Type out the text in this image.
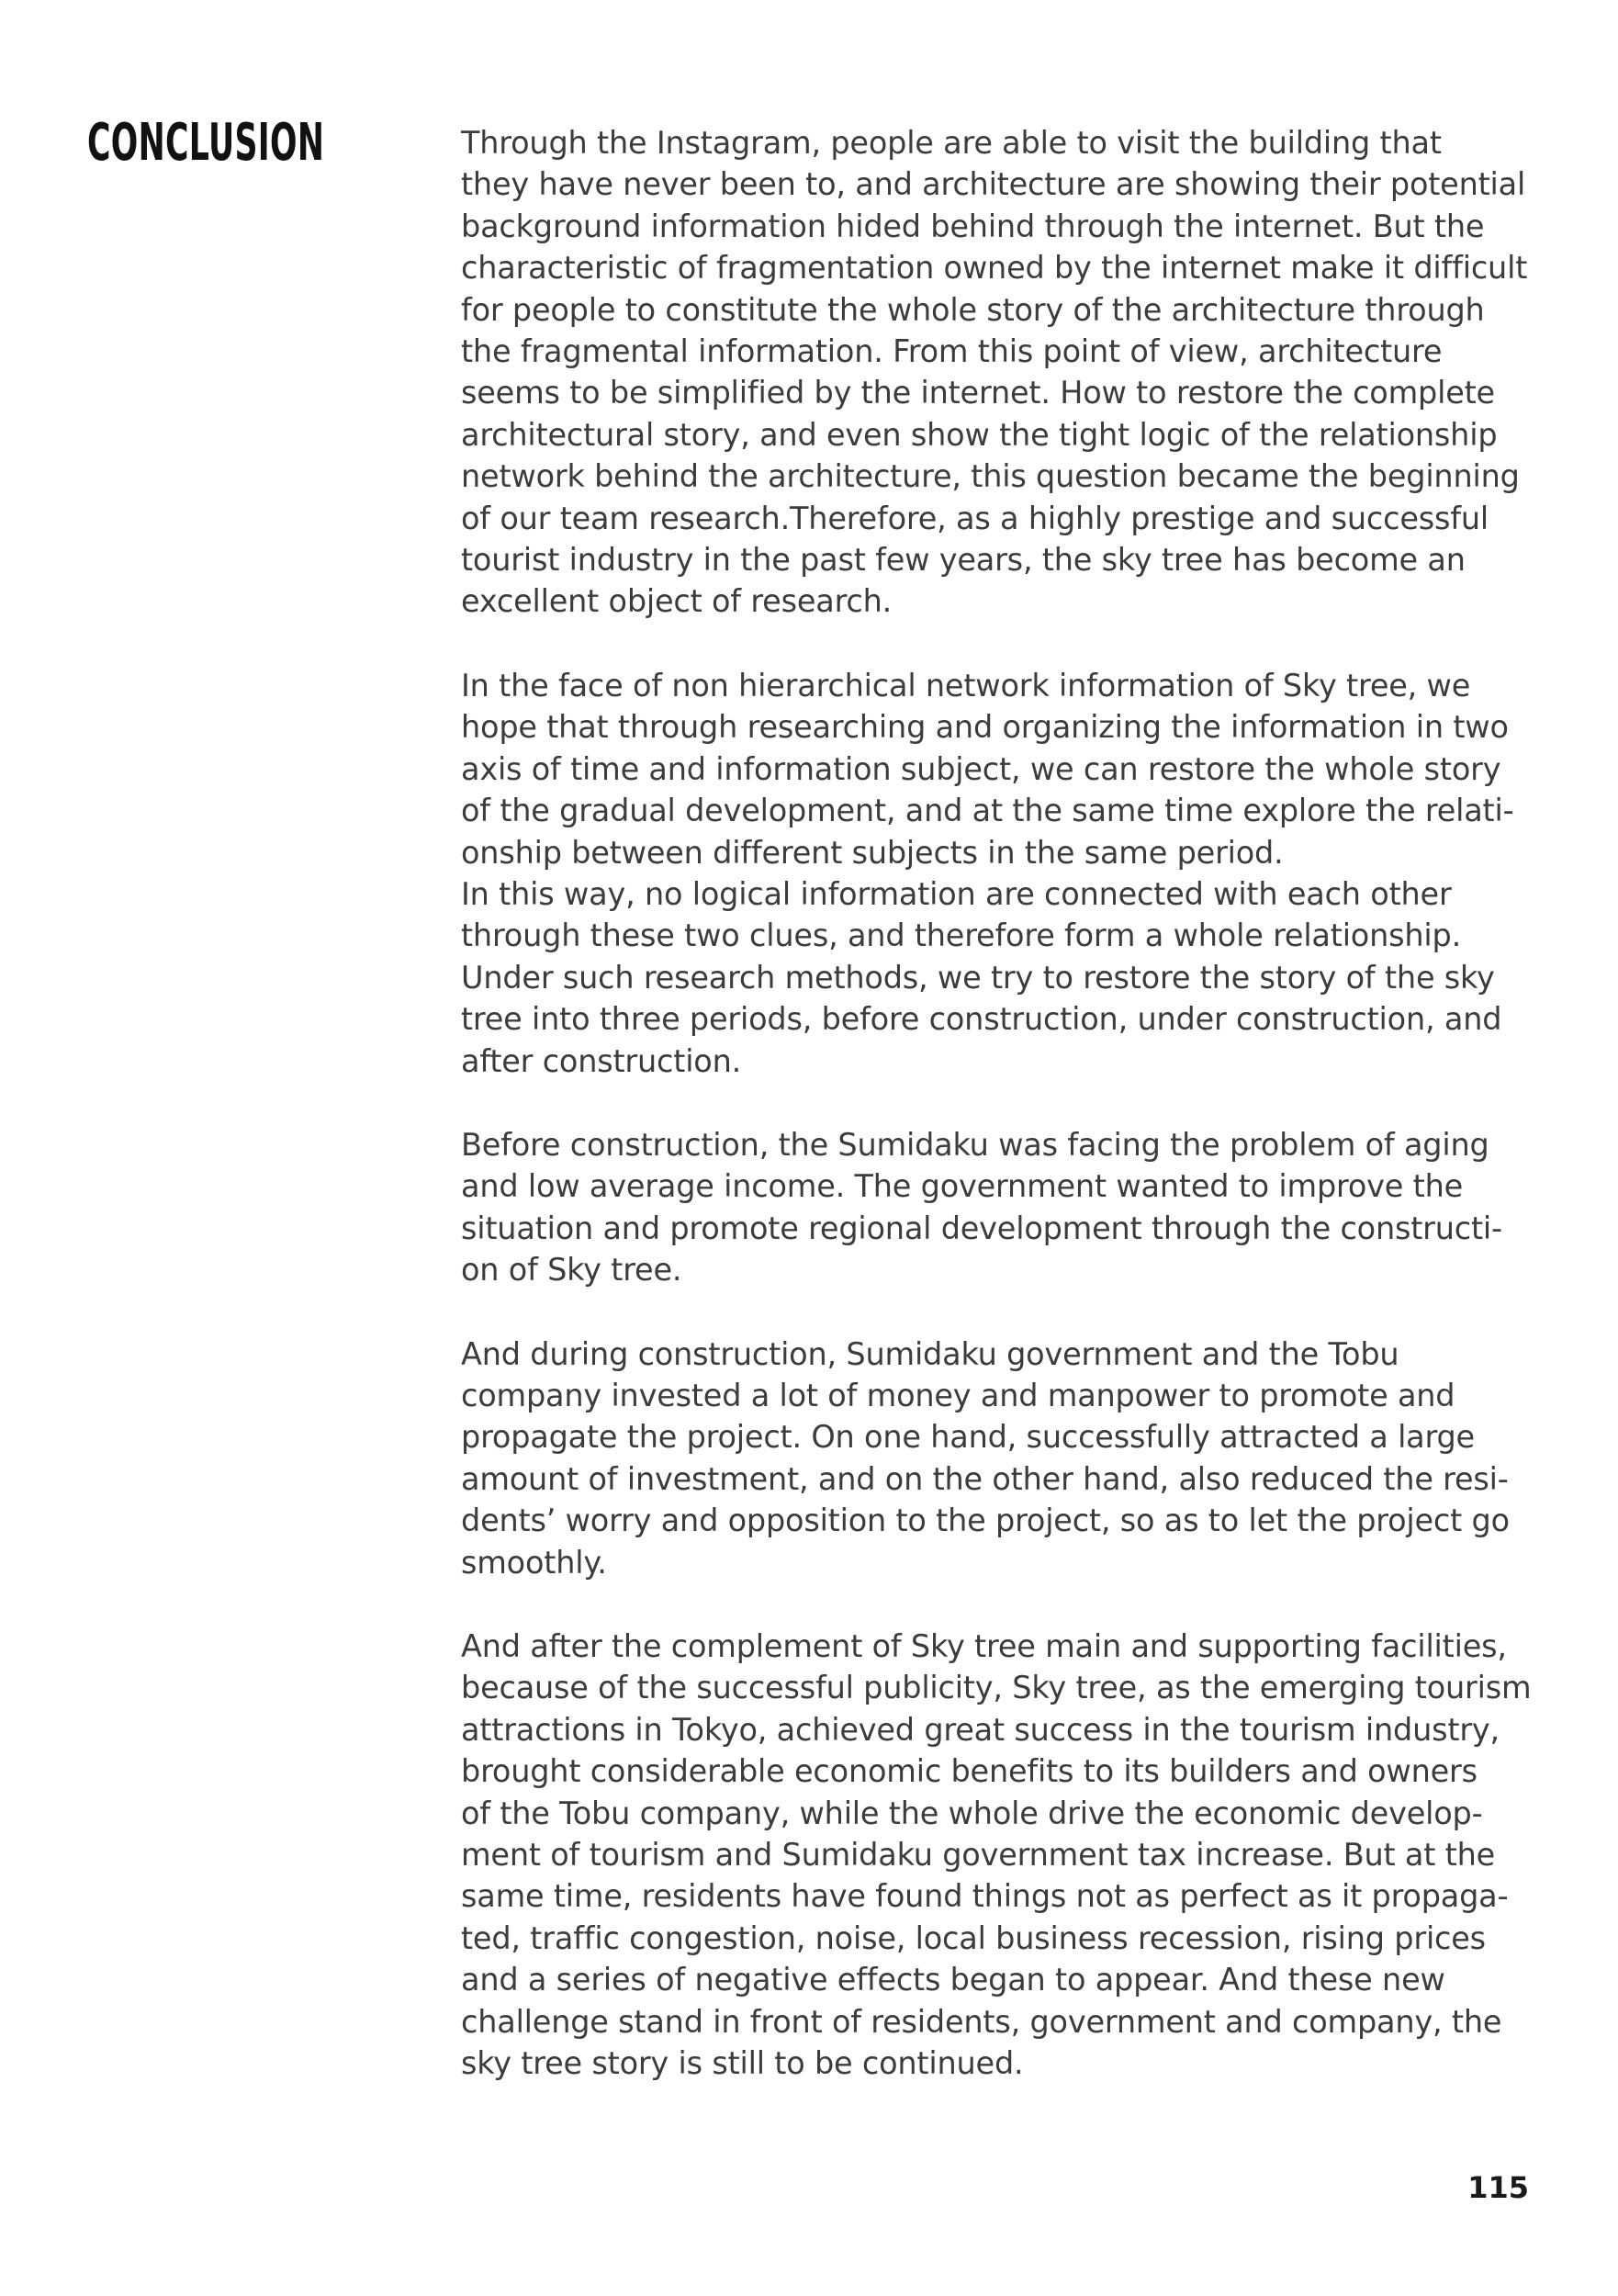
CONCLUSION	Through the Instagram, people are able to visit the building that
they have never been to, and architecture are showing their potential
background information hided behind through the internet. But the
characteristic of fragmentation owned by the internet make it difficult
for people to constitute the whole story of the architecture through
the fragmental information. From this point of view, architecture
seems to be simplified by the internet. How to restore the complete
architectural story, and even show the tight logic of the relationship
network behind the architecture, this question became the beginning
of our team research.Therefore, as a highly prestige and successful
tourist industry in the past few years, the sky tree has become an
excellent object of research.

In the face of non hierarchical network information of Sky tree, we
hope that through researching and organizing the information in two
axis of time and information subject, we can restore the whole story
of the gradual development, and at the same time explore the relati-
onship between different subjects in the same period.
In this way, no logical information are connected with each other
through these two clues, and therefore form a whole relationship.
Under such research methods, we try to restore the story of the sky
tree into three periods, before construction, under construction, and
after construction.

Before construction, the Sumidaku was facing the problem of aging
and low average income. The government wanted to improve the
situation and promote regional development through the constructi-
on of Sky tree.

And during construction, Sumidaku government and the Tobu
company invested a lot of money and manpower to promote and
propagate the project. On one hand, successfully attracted a large
amount of investment, and on the other hand, also reduced the resi-
dents’ worry and opposition to the project, so as to let the project go
smoothly.

And after the complement of Sky tree main and supporting facilities,
because of the successful publicity, Sky tree, as the emerging tourism
attractions in Tokyo, achieved great success in the tourism industry,
brought considerable economic benefits to its builders and owners
of the Tobu company, while the whole drive the economic develop-
ment of tourism and Sumidaku government tax increase. But at the
same time, residents have found things not as perfect as it propaga-
ted, traffic congestion, noise, local business recession, rising prices
and a series of negative effects began to appear. And these new
challenge stand in front of residents, government and company, the
sky tree story is still to be continued.

115
